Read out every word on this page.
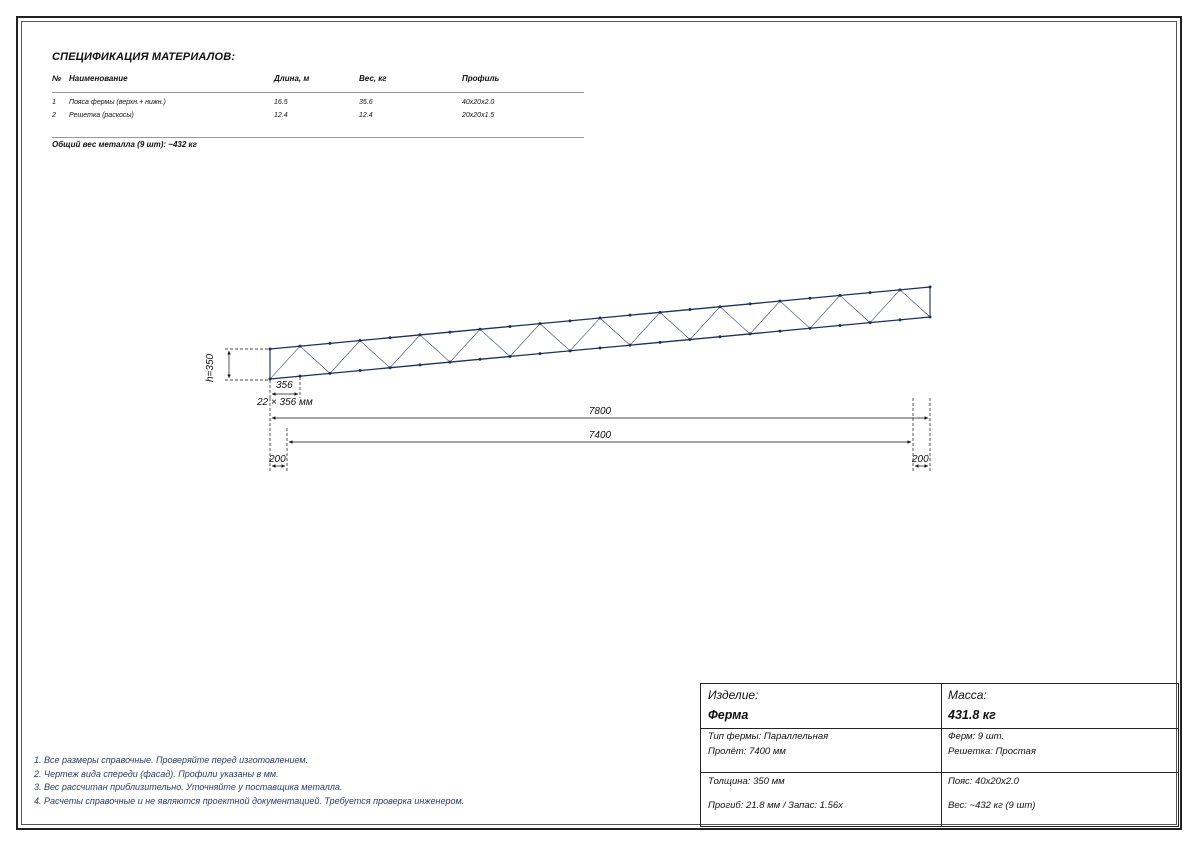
СПЕЦИФИКАЦИЯ МАТЕРИАЛОВ:
№ Наименование	Длина, м	Вес, кг	Профиль
1 Пояса фермы (верхн.+ нижн.)	16.5	35.6	40x20x2.0
2 Решетка (раскосы)	12.4	12.4	20x20x1.5
Общий вес металла (9 шт): ~432 кг
h=350
356
22 × 356 мм
7800
7400
200	200
1. Все размеры справочные. Проверяйте перед изготовлением.
2. Чертеж вида спереди (фасад). Профили указаны в мм.
3. Вес рассчитан приблизительно. Уточняйте у поставщика металла.
4. Расчеты справочные и не являются проектной документацией. Требуется проверка инженером.
Изделие:
Ферма
Масса:
431.8 кг
Тип фермы: Параллельная
Пролёт: 7400 мм
Ферм: 9 шт.
Решетка: Простая
Толщина: 350 мм	Пояс: 40x20x2.0
Прогиб: 21.8 мм / Запас: 1.56x	Вес: ~432 кг (9 шт)
